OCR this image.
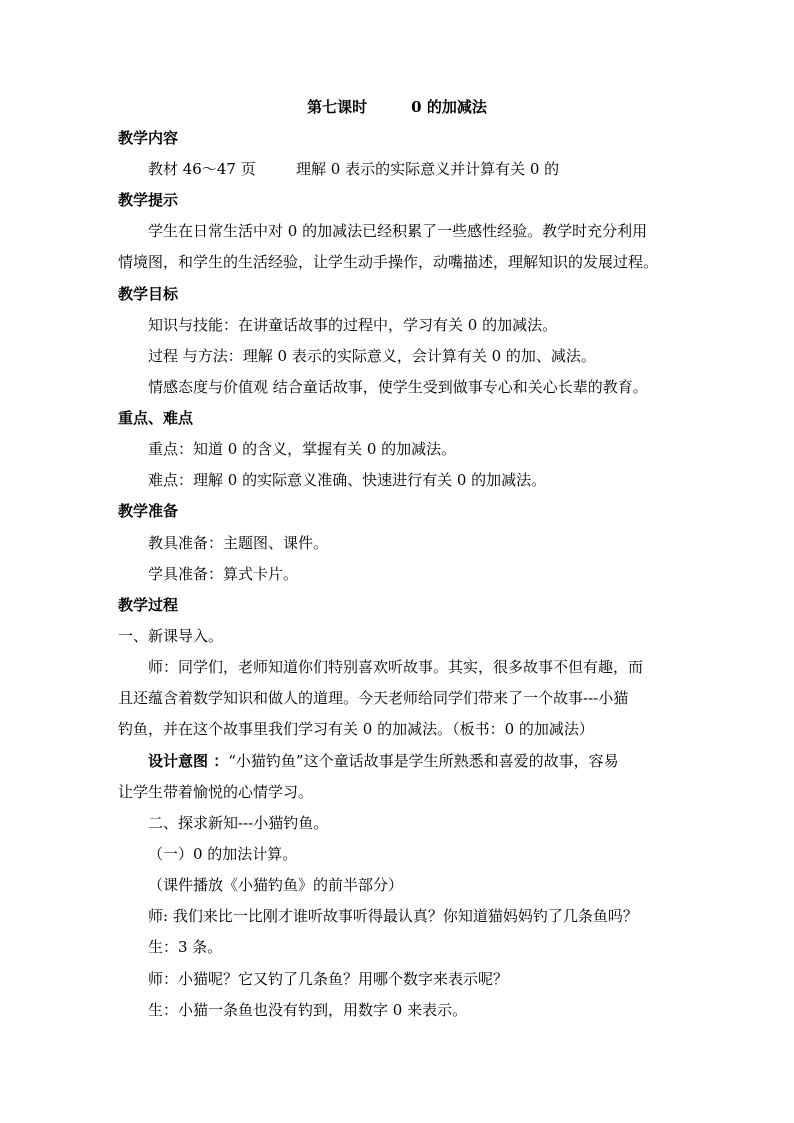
第七课时	0 的加减法
教学内容
教材 46～47 页	理解 0 表示的实际意义并计算有关 0 的
教学提示
学生在日常生活中对 0 的加减法已经积累了一些感性经验。教学时充分利用
情境图，和学生的生活经验，让学生动手操作，动嘴描述，理解知识的发展过程。
教学目标
知识与技能：在讲童话故事的过程中，学习有关 0 的加减法。
过程 与方法：理解 0 表示的实际意义，会计算有关 0 的加、减法。
情感态度与价值观 结合童话故事，使学生受到做事专心和关心长辈的教育。
重点、难点
重点：知道 0 的含义，掌握有关 0 的加减法。
难点：理解 0 的实际意义准确、快速进行有关 0 的加减法。
教学准备
教具准备：主题图、课件。
学具准备：算式卡片。
教学过程
一、新课导入。
师：同学们，老师知道你们特别喜欢听故事。其实，很多故事不但有趣，而
且还蕴含着数学知识和做人的道理。今天老师给同学们带来了一个故事---小猫
钓鱼，并在这个故事里我们学习有关 0 的加减法。（板书：0 的加减法）
设计意图 ：“小猫钓鱼”这个童话故事是学生所熟悉和喜爱的故事，容易
让学生带着愉悦的心情学习。
二、探求新知---小猫钓鱼。
（一）0 的加法计算。
（课件播放《小猫钓鱼》的前半部分）
师: 我们来比一比刚才谁听故事听得最认真？你知道猫妈妈钓了几条鱼吗？
生：3 条。
师：小猫呢？它又钓了几条鱼？用哪个数字来表示呢？
生：小猫一条鱼也没有钓到，用数字 0 来表示。
